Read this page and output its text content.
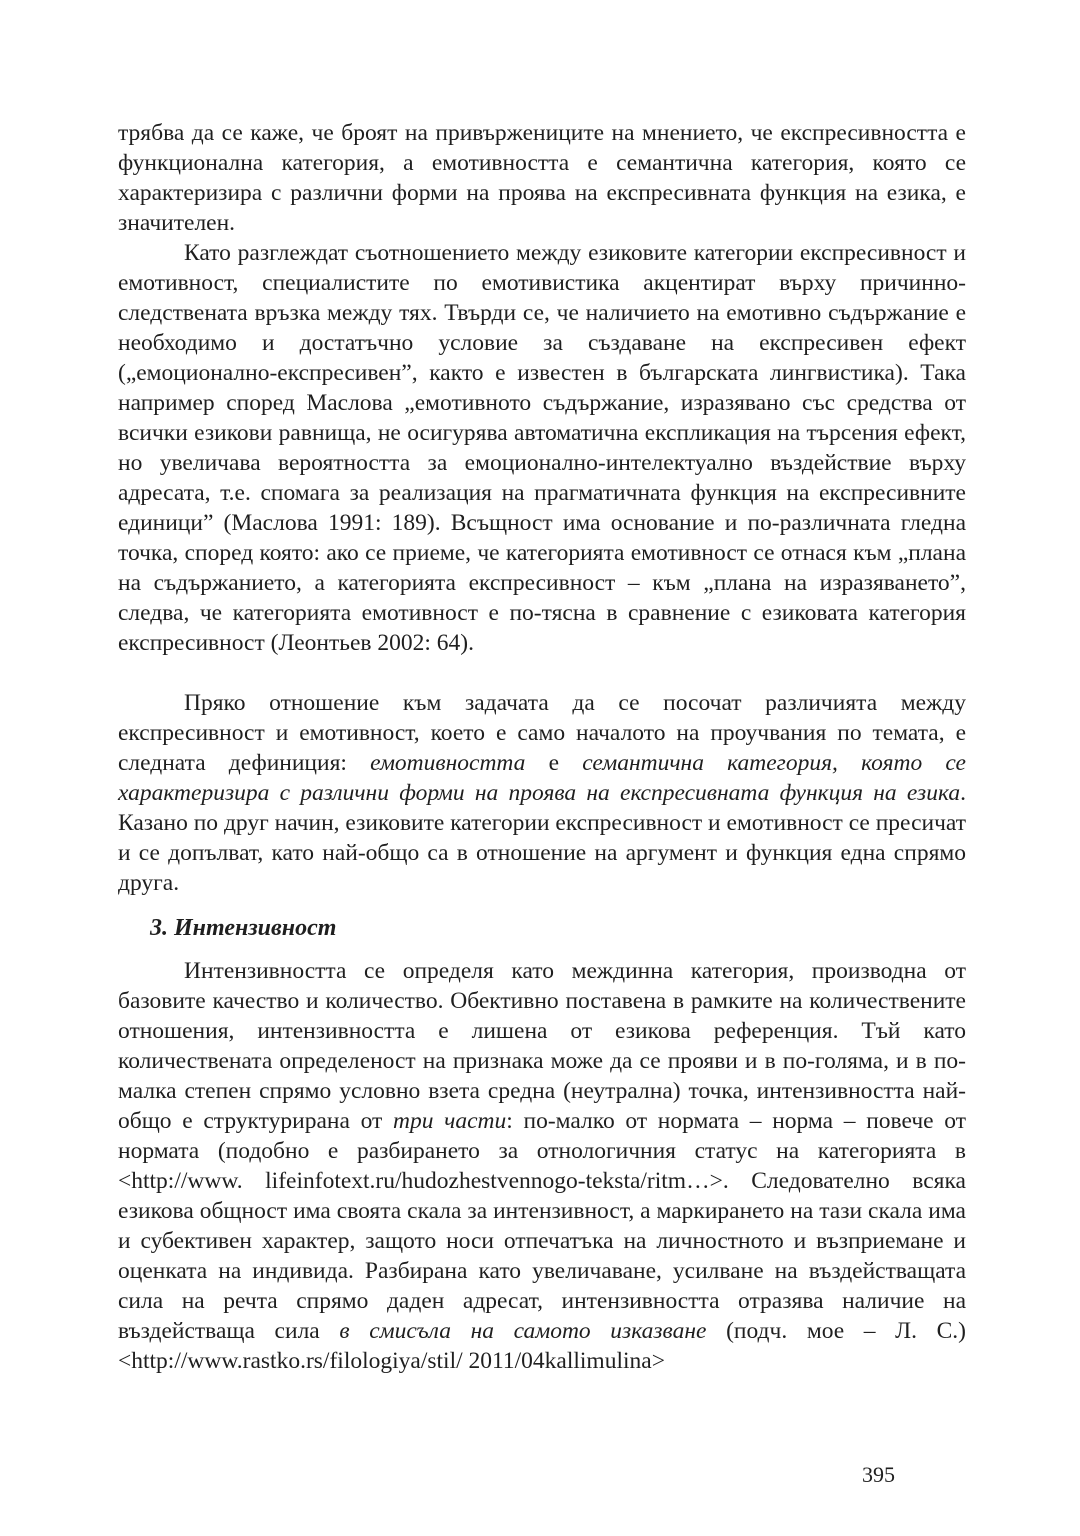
трябва да се каже, че броят на привържениците на мнението, че експресивността е функционална категория, а емотивността е семантична категория, която се характеризира с различни форми на проява на експресивната функция на езика, е значителен.

Като разглеждат съотношението между езиковите категории експресивност и емотивност, специалистите по емотивистика акцентират върху причинно-следствената връзка между тях. Твърди се, че наличието на емотивно съдържание е необходимо и достатъчно условие за създаване на експресивен ефект („емоционално-експресивен”, както е известен в българската лингвистика). Така например според Маслова „емотивното съдържание, изразявано със средства от всички езикови равнища, не осигурява автоматична експликация на търсения ефект, но увеличава вероятността за емоционално-интелектуално въздействие върху адресата, т.е. спомага за реализация на прагматичната функция на експресивните единици” (Маслова 1991: 189). Всъщност има основание и по-различната гледна точка, според която: ако се приеме, че категорията емотивност се отнася към „плана на съдържанието, а категорията експресивност – към „плана на изразяването”, следва, че категорията емотивност е по-тясна в сравнение с езиковата категория експресивност (Леонтьев 2002: 64).

Пряко отношение към задачата да се посочат различията между експресивност и емотивност, което е само началото на проучвания по темата, е следната дефиниция: емотивността е семантична категория, която се характеризира с различни форми на проява на експресивната функция на езика. Казано по друг начин, езиковите категории експресивност и емотивност се пресичат и се допълват, като най-общо са в отношение на аргумент и функция една спрямо друга.

3. Интензивност

Интензивността се определя като междинна категория, производна от базовите качество и количество. Обективно поставена в рамките на количествените отношения, интензивността е лишена от езикова референция. Тъй като количествената определеност на признака може да се прояви и в по-голяма, и в по-малка степен спрямо условно взета средна (неутрална) точка, интензивността най-общо е структурирана от три части: по-малко от нормата – норма – повече от нормата (подобно е разбирането за отнологичния статус на категорията в <http://www. lifeinfotext.ru/hudozhestvennogo-teksta/ritm…>. Следователно всяка езикова общност има своята скала за интензивност, а маркирането на тази скала има и субективен характер, защото носи отпечатъка на личностното и възприемане и оценката на индивида. Разбирана като увеличаване, усилване на въздействащата сила на речта спрямо даден адресат, интензивността отразява наличие на въздействаща сила в смисъла на самото изказване (подч. мое – Л. С.) <http://www.rastko.rs/filologiya/stil/ 2011/04kallimulina>

395
